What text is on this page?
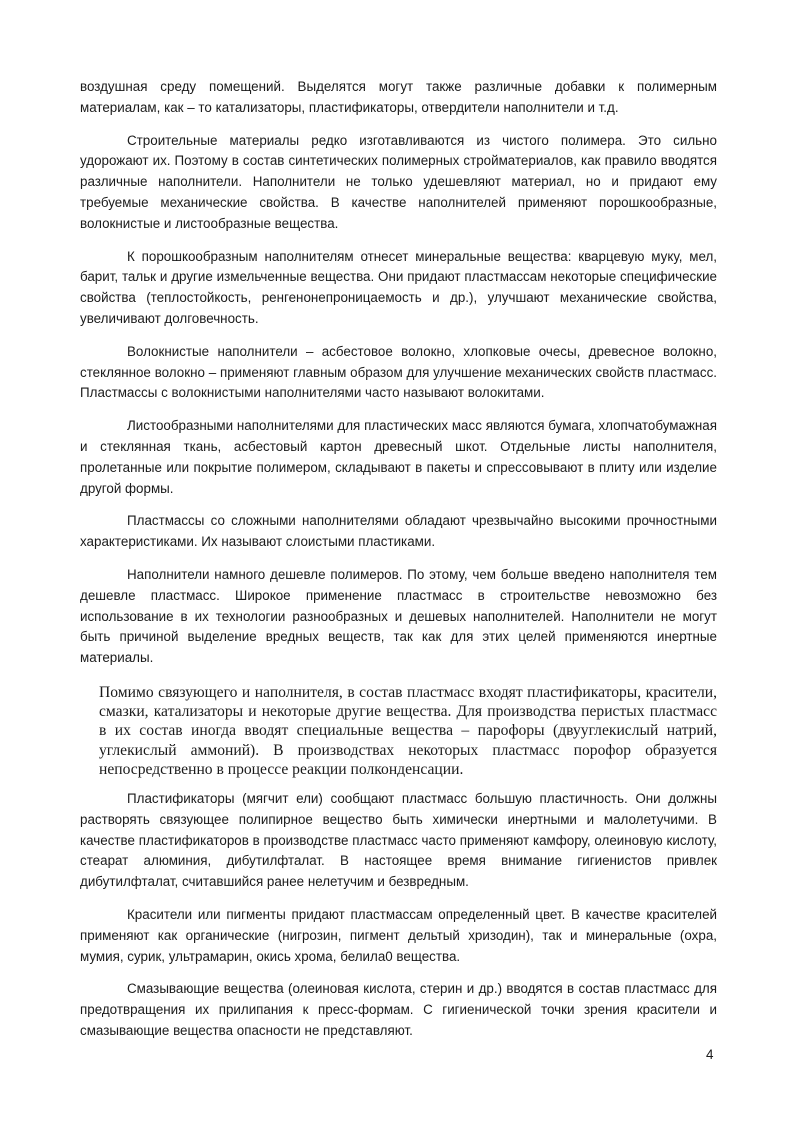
воздушная среду помещений. Выделятся могут также различные добавки к полимерным материалам, как – то катализаторы, пластификаторы, отвердители наполнители и т.д.

Строительные материалы редко изготавливаются из чистого полимера. Это сильно удорожают их. Поэтому в состав синтетических полимерных стройматериалов, как правило вводятся различные наполнители. Наполнители не только удешевляют материал, но и придают ему требуемые механические свойства. В качестве наполнителей применяют порошкообразные, волокнистые и листообразные вещества.

К порошкообразным наполнителям отнесет минеральные вещества: кварцевую муку, мел, барит, тальк и другие измельченные вещества. Они придают пластмассам некоторые специфические свойства (теплостойкость, ренгенонепроницаемость и др.), улучшают механические свойства, увеличивают долговечность.

Волокнистые наполнители – асбестовое волокно, хлопковые очесы, древесное волокно, стеклянное волокно – применяют главным образом для улучшение механических свойств пластмасс. Пластмассы с волокнистыми наполнителями часто называют волокитами.

Листообразными наполнителями для пластических масс являются бумага, хлопчатобумажная и стеклянная ткань, асбестовый картон древесный шкот. Отдельные листы наполнителя, пролетанные или покрытие полимером, складывают в пакеты и спрессовывают в плиту или изделие другой формы.

Пластмассы со сложными наполнителями обладают чрезвычайно высокими прочностными характеристиками. Их называют слоистыми пластиками.

Наполнители намного дешевле полимеров. По этому, чем больше введено наполнителя тем дешевле пластмасс. Широкое применение пластмасс в строительстве невозможно без использование в их технологии разнообразных и дешевых наполнителей. Наполнители не могут быть причиной выделение вредных веществ, так как для этих целей применяются инертные материалы.

Помимо связующего и наполнителя, в состав пластмасс входят пластификаторы, красители, смазки, катализаторы и некоторые другие вещества. Для производства перистых пластмасс в их состав иногда вводят специальные вещества – парофоры (двууглекислый натрий, углекислый аммоний). В производствах некоторых пластмасс порофор образуется непосредственно в процессе реакции полконденсации.

Пластификаторы (мягчит ели) сообщают пластмасс большую пластичность. Они должны растворять связующее полипирное вещество быть химически инертными и малолетучими. В качестве пластификаторов в производстве пластмасс часто применяют камфору, олеиновую кислоту, стеарат алюминия, дибутилфталат. В настоящее время внимание гигиенистов привлек дибутилфталат, считавшийся ранее нелетучим и безвредным.

Красители или пигменты придают пластмассам определенный цвет. В качестве красителей применяют как органические (нигрозин, пигмент дельтый хризодин), так и минеральные (охра, мумия, сурик, ультрамарин, окись хрома, белила0 вещества.

Смазывающие вещества (олеиновая кислота, стерин и др.) вводятся в состав пластмасс для предотвращения их прилипания к пресс-формам. С гигиенической точки зрения красители и смазывающие вещества опасности не представляют.

4
